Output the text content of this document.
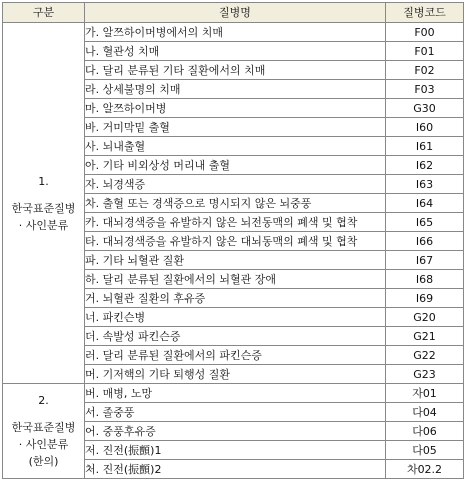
구분	질병명	질병코드

1.
한국표준질병
· 사인분류	가. 알쯔하이머병에서의 치매	F00
	나. 혈관성 치매	F01
	다. 달리 분류된 기타 질환에서의 치매	F02
	라. 상세불명의 치매	F03
	마. 알쯔하이머병	G30
	바. 거미막밑 출혈	I60
	사. 뇌내출혈	I61
	아. 기타 비외상성 머리내 출혈	I62
	자. 뇌경색증	I63
	차. 출혈 또는 경색증으로 명시되지 않은 뇌중풍	I64
	카. 대뇌경색증을 유발하지 않은 뇌전동맥의 폐색 및 협착	I65
	타. 대뇌경색증을 유발하지 않은 대뇌동맥의 폐색 및 협착	I66
	파. 기타 뇌혈관 질환	I67
	하. 달리 분류된 질환에서의 뇌혈관 장애	I68
	거. 뇌혈관 질환의 후유증	I69
	너. 파킨슨병	G20
	더. 속발성 파킨슨증	G21
	러. 달리 분류된 질환에서의 파킨슨증	G22
	머. 기저핵의 기타 퇴행성 질환	G23

2.
한국표준질병
· 사인분류
(한의)	버. 매병, 노망	자01
	서. 졸중풍	다04
	어. 중풍후유증	다06
	저. 진전(振顫)1	다05
	처. 진전(振顫)2	차02.2
